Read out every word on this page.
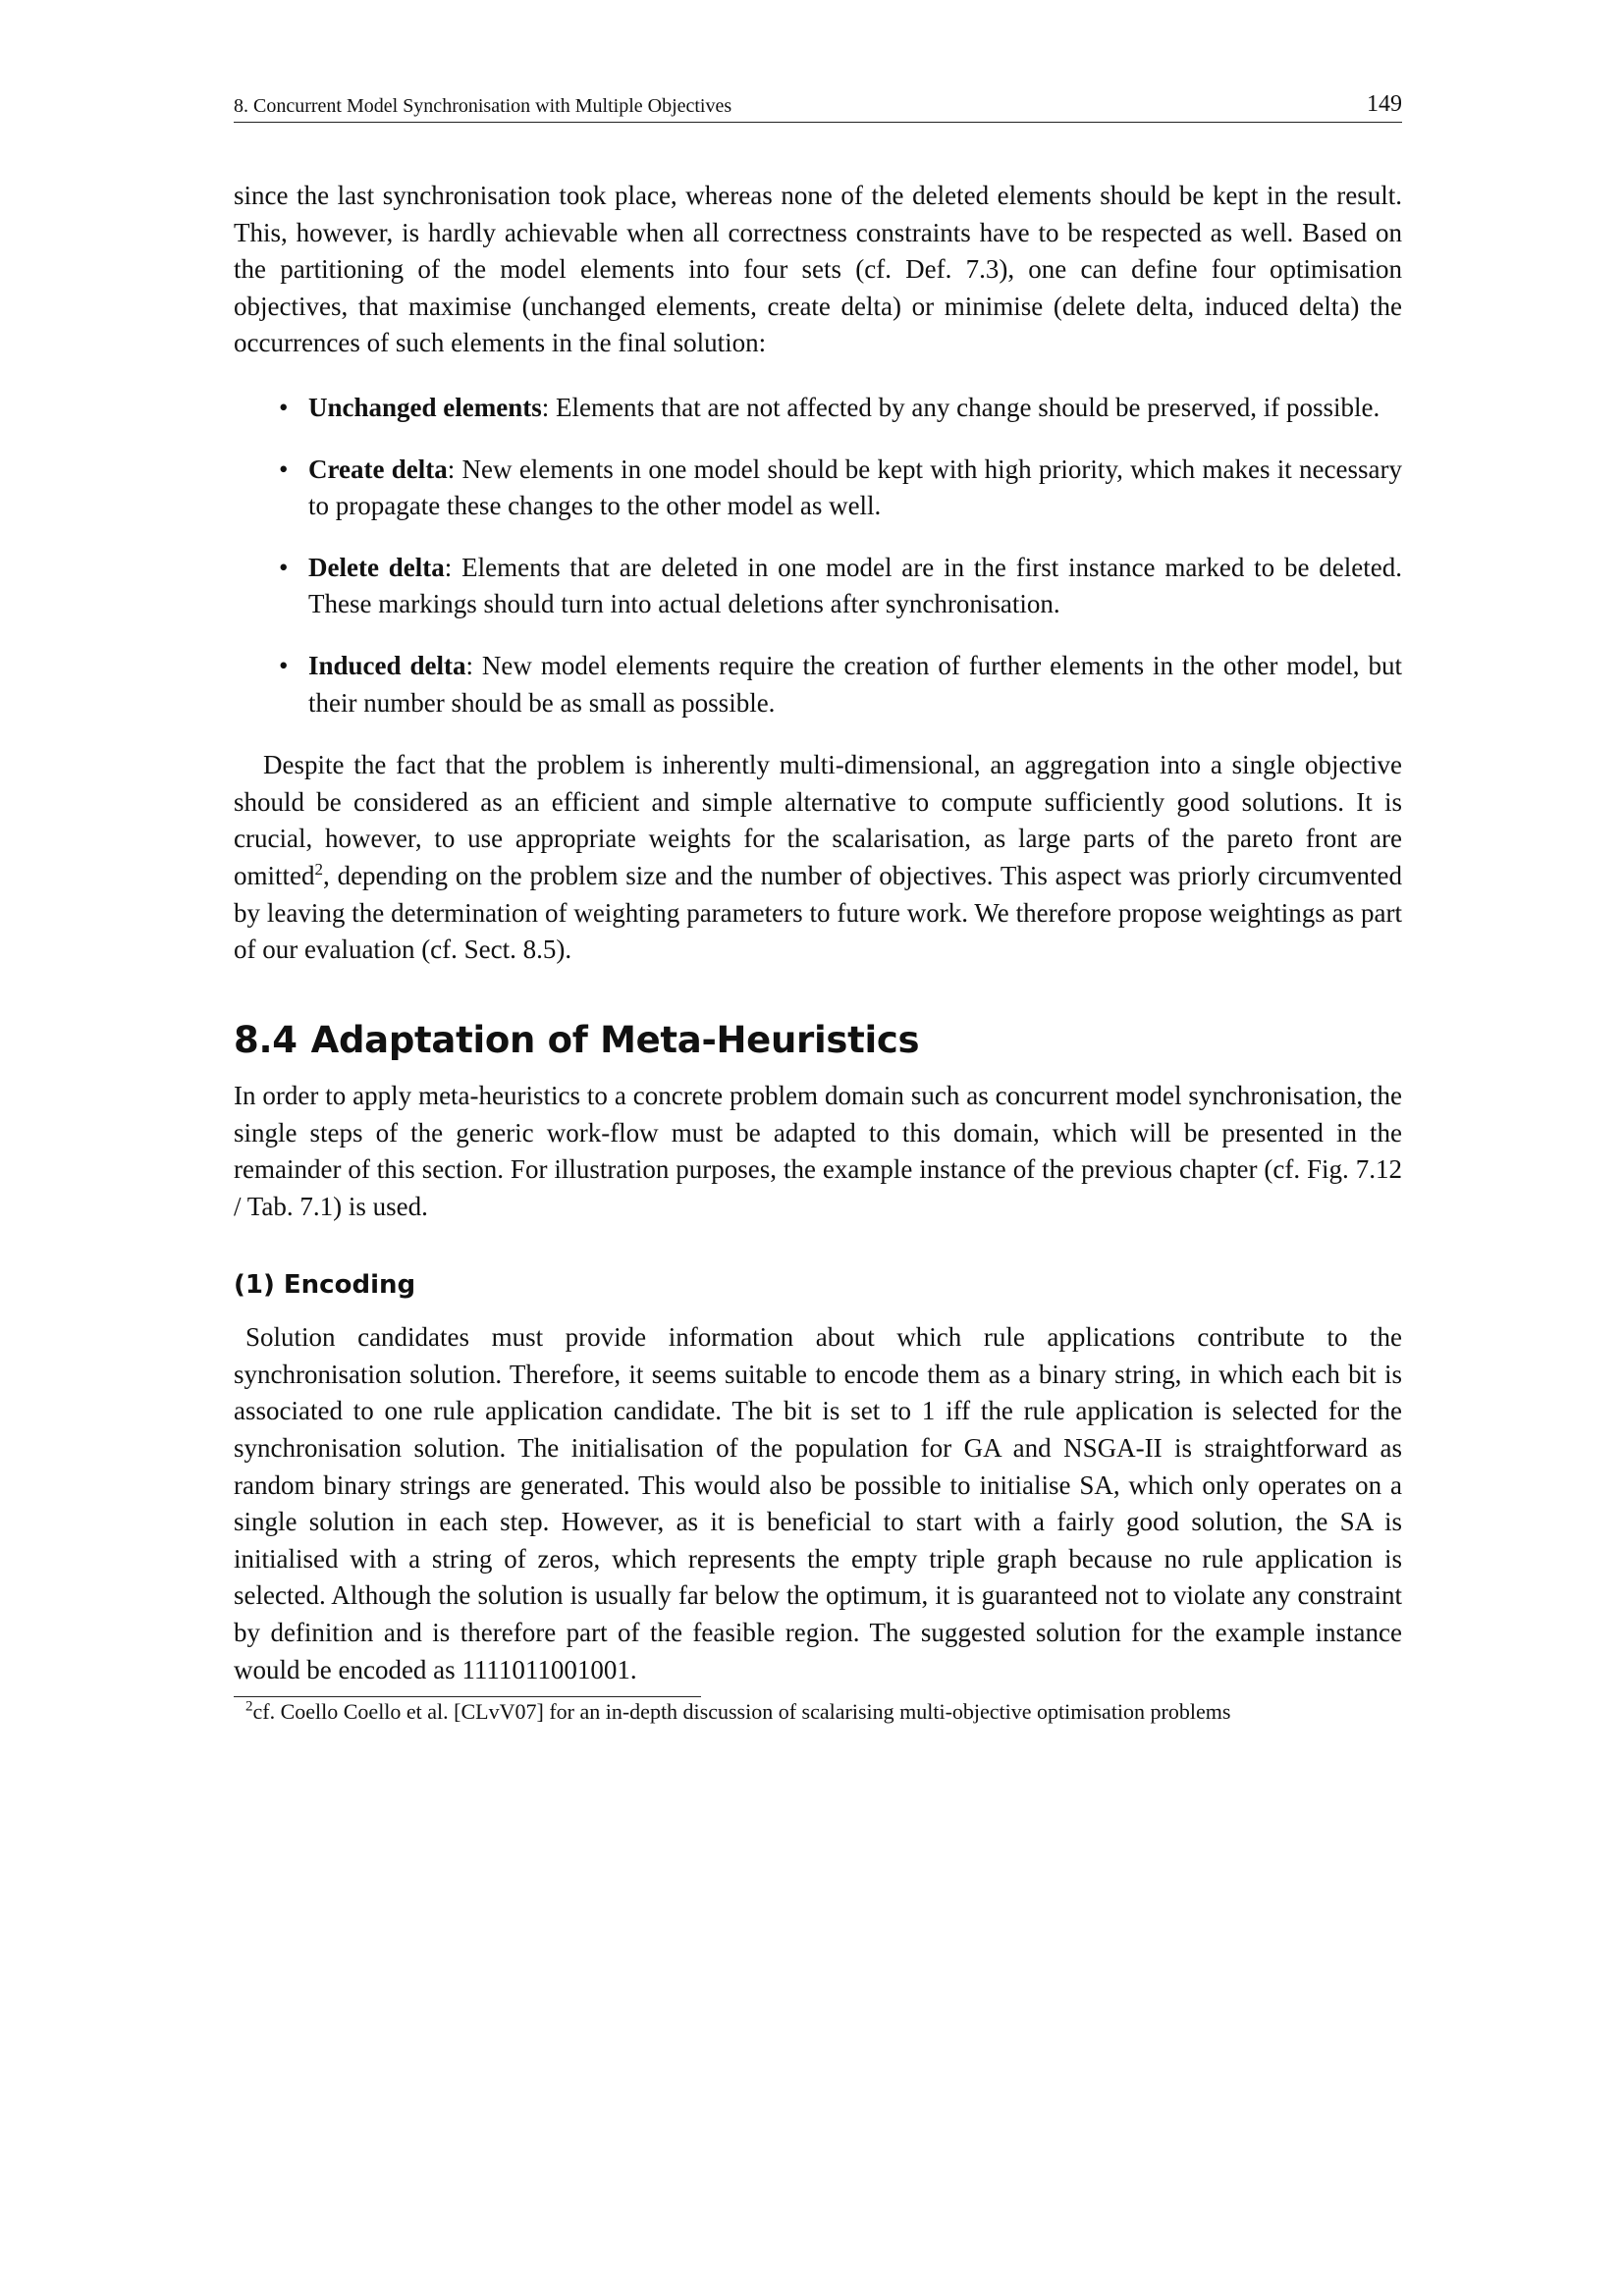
8. Concurrent Model Synchronisation with Multiple Objectives	149

since the last synchronisation took place, whereas none of the deleted elements should be kept in the result. This, however, is hardly achievable when all correctness constraints have to be respected as well. Based on the partitioning of the model elements into four sets (cf. Def. 7.3), one can define four optimisation objectives, that maximise (unchanged elements, create delta) or minimise (delete delta, induced delta) the occurrences of such elements in the final solution:

• Unchanged elements: Elements that are not affected by any change should be preserved, if possible.
• Create delta: New elements in one model should be kept with high priority, which makes it necessary to propagate these changes to the other model as well.
• Delete delta: Elements that are deleted in one model are in the first instance marked to be deleted. These markings should turn into actual deletions after synchronisation.
• Induced delta: New model elements require the creation of further elements in the other model, but their number should be as small as possible.

Despite the fact that the problem is inherently multi-dimensional, an aggregation into a single objective should be considered as an efficient and simple alternative to compute sufficiently good solutions. It is crucial, however, to use appropriate weights for the scalarisation, as large parts of the pareto front are omitted$^2$, depending on the problem size and the number of objectives. This aspect was priorly circumvented by leaving the determination of weighting parameters to future work. We therefore propose weightings as part of our evaluation (cf. Sect. 8.5).

8.4 Adaptation of Meta-Heuristics

In order to apply meta-heuristics to a concrete problem domain such as concurrent model synchronisation, the single steps of the generic work-flow must be adapted to this domain, which will be presented in the remainder of this section. For illustration purposes, the example instance of the previous chapter (cf. Fig. 7.12 / Tab. 7.1) is used.

(1) Encoding

Solution candidates must provide information about which rule applications contribute to the synchronisation solution. Therefore, it seems suitable to encode them as a binary string, in which each bit is associated to one rule application candidate. The bit is set to 1 iff the rule application is selected for the synchronisation solution. The initialisation of the population for GA and NSGA-II is straightforward as random binary strings are generated. This would also be possible to initialise SA, which only operates on a single solution in each step. However, as it is beneficial to start with a fairly good solution, the SA is initialised with a string of zeros, which represents the empty triple graph because no rule application is selected. Although the solution is usually far below the optimum, it is guaranteed not to violate any constraint by definition and is therefore part of the feasible region. The suggested solution for the example instance would be encoded as 1111011001001.

$^2$cf. Coello Coello et al. [CLvV07] for an in-depth discussion of scalarising multi-objective optimisation problems
